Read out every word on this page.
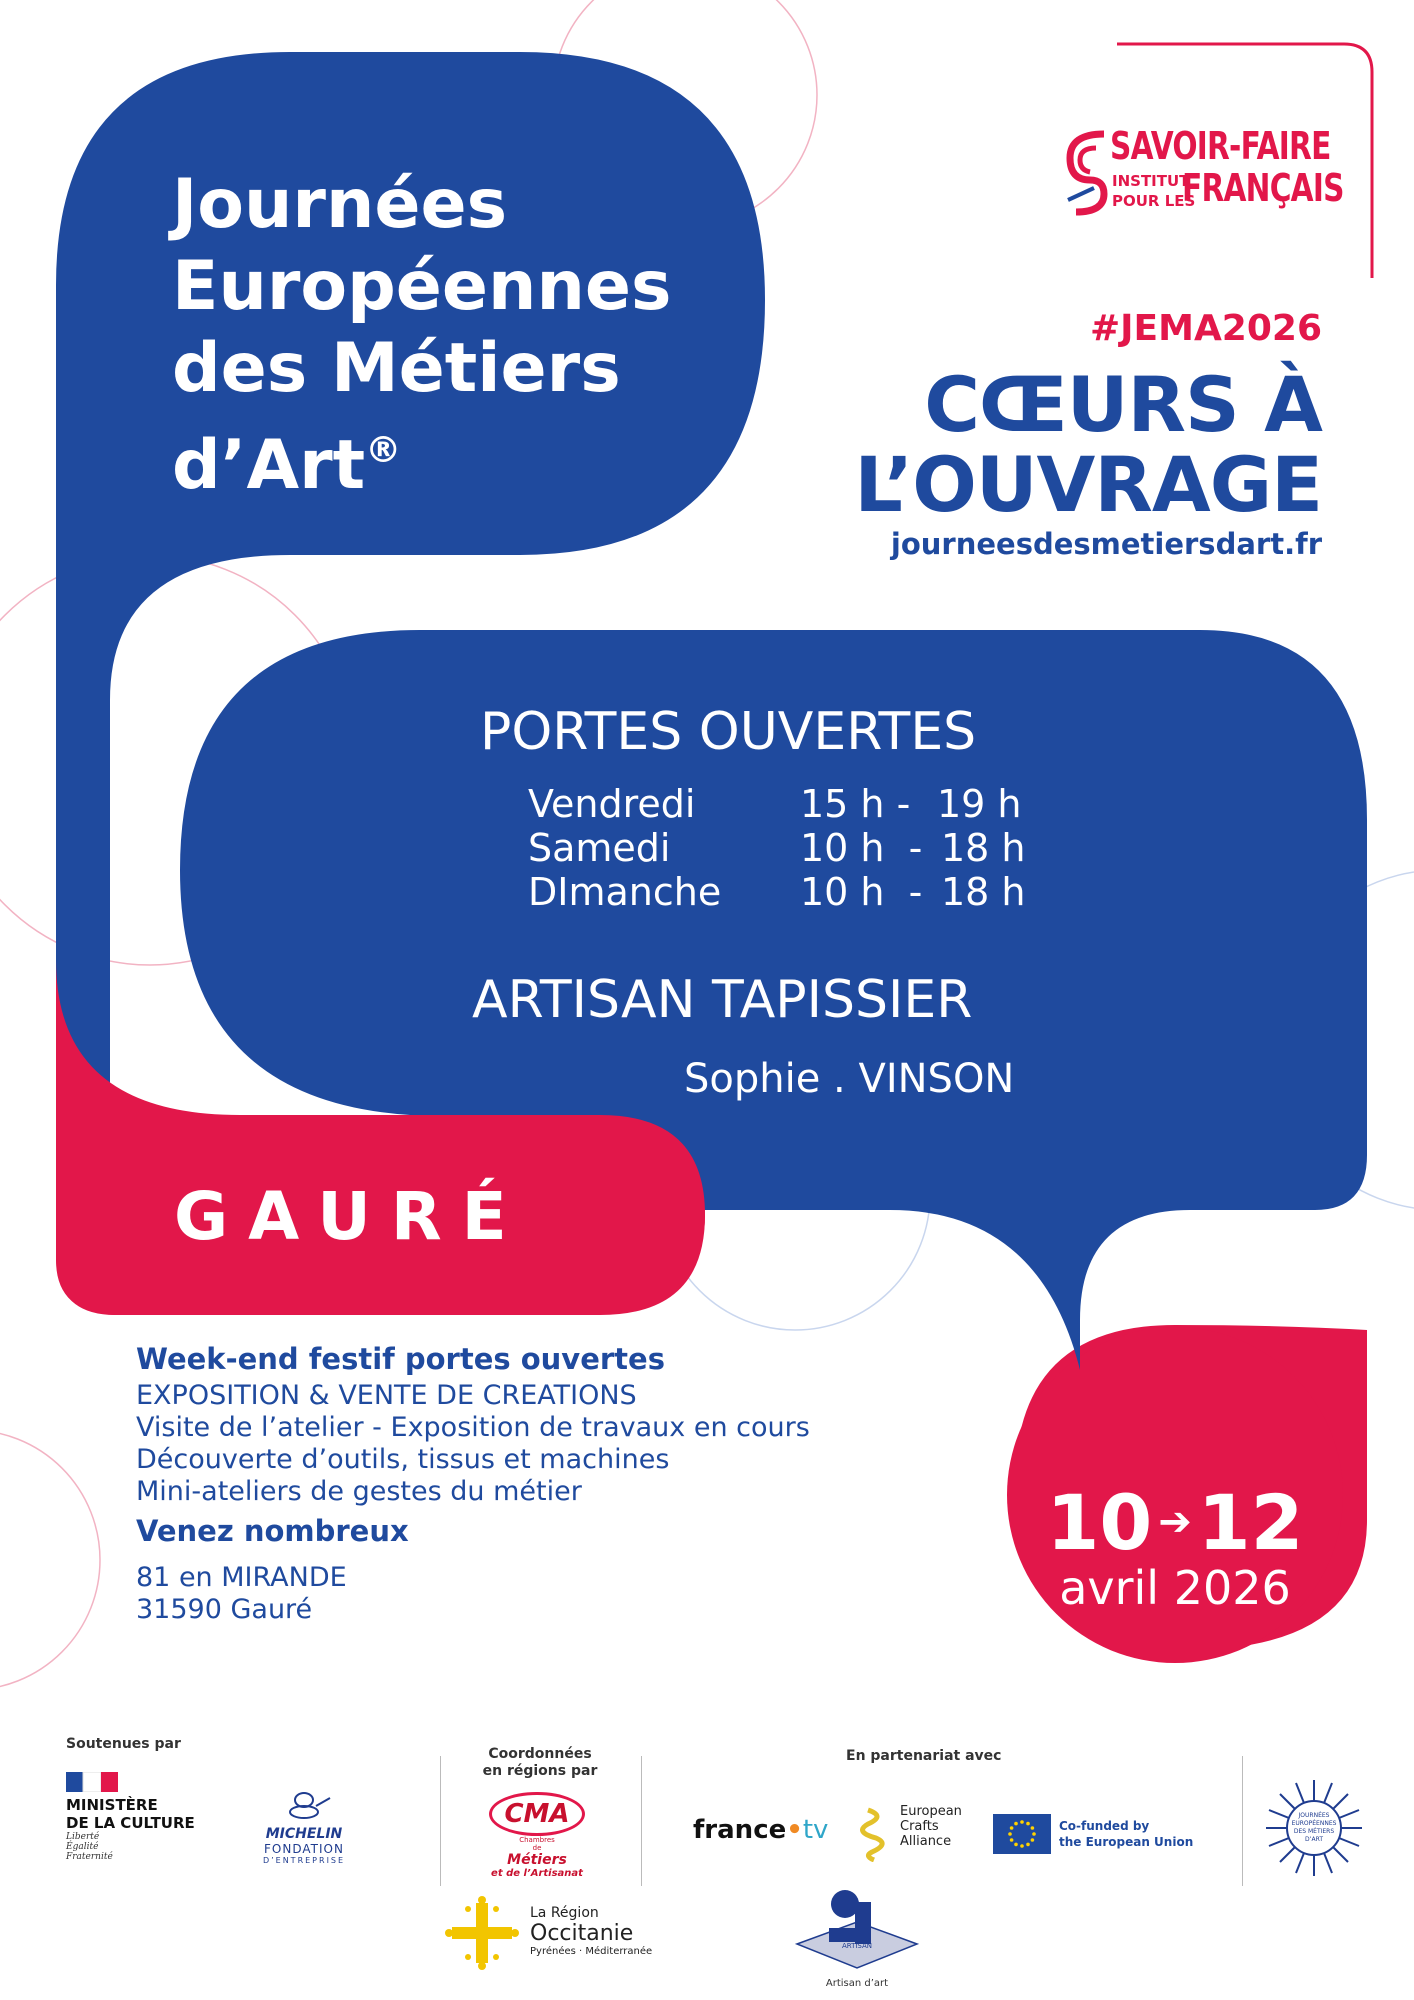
Journées
Européennes
des Métiers
d’Art®
SAVOIR-FAIRE
INSTITUT
POUR LES
FRANÇAIS
#JEMA2026
CŒURS À
L’OUVRAGE
journeesdesmetiersdart.fr
PORTES OUVERTES
Vendredi	15 h - 19 h
Samedi	10 h  - 18 h
DImanche 10 h  - 18 h
ARTISAN TAPISSIER
Sophie . VINSON
GAURÉ
Week-end festif portes ouvertes
EXPOSITION & VENTE DE CREATIONS
Visite de l’atelier - Exposition de travaux en cours
Découverte d’outils, tissus et machines
Mini-ateliers de gestes du métier
Venez nombreux
81 en MIRANDE
31590 Gauré
10 ➔12
avril 2026
Soutenues par
Coordonnées
en régions par
En partenariat avec
MINISTÈRE
DE LA CULTURE
Liberté
Égalité
Fraternité
MICHELIN
FONDATION
D’ENTREPRISE
CMA
Chambres
de
Métiers
et de l’Artisanat
france•tv
European
Crafts
Alliance
Co-funded by
the European Union
JOURNÉES
EUROPÉENNES
DES MÉTIERS
D’ART
La Région
Occitanie
Pyrénées · Méditerranée	ARTISAN
Artisan d’art
